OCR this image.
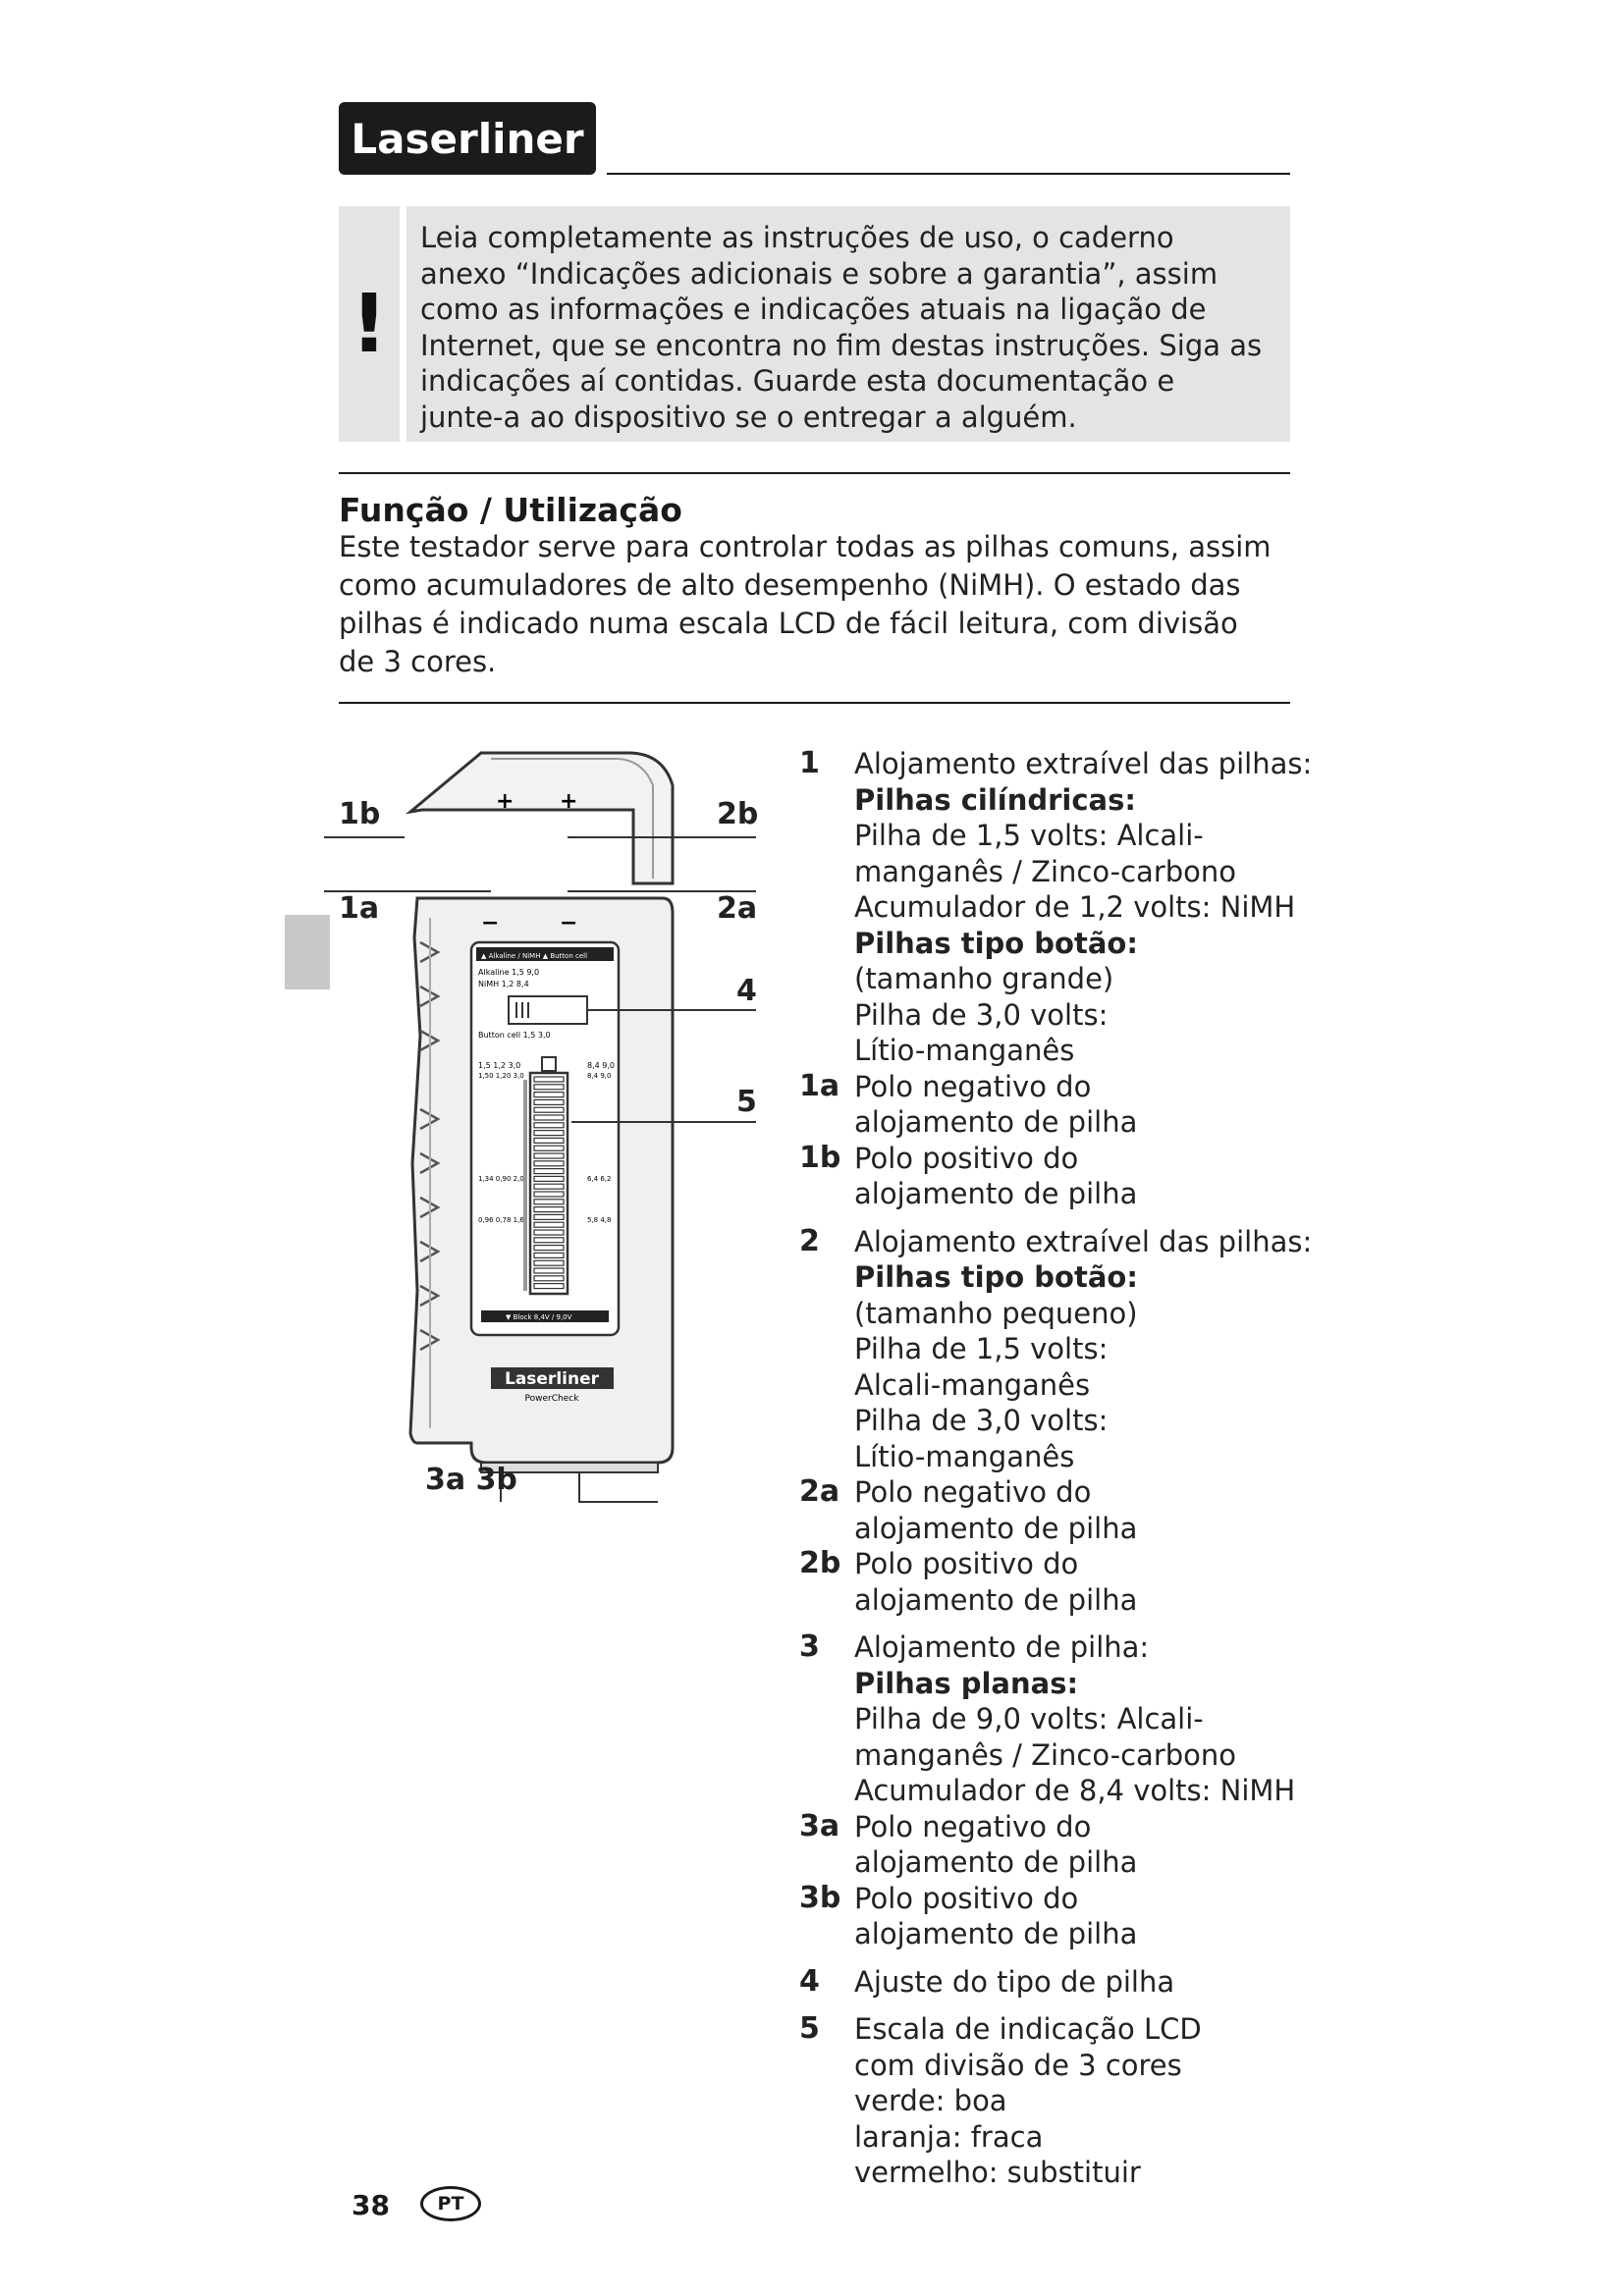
Laserliner
!

Leia completamente as instruções de uso, o caderno anexo “Indicações adicionais e sobre a garantia”, assim como as informações e indicações atuais na ligação de Internet, que se encontra no fim destas instruções. Siga as indicações aí contidas. Guarde esta documentação e junte-a ao dispositivo se o entregar a alguém.

Função / Utilização

Este testador serve para controlar todas as pilhas comuns, assim como acumuladores de alto desempenho (NiMH). O estado das pilhas é indicado numa escala LCD de fácil leitura, com divisão de 3 cores.

+ +
−	−
▲ Alkaline / NiMH ▲ Button cell
Alkaline 1,5 9,0
NiMH 1,2 8,4
Button cell 1,5 3,0
1,5 1,2 3,0
1,50 1,20 3,0
1,34 0,90 2,0
0,96 0,78 1,6
8,4 9,0
8,4 9,0
6,4 6,2
5,8 4,8
▼ Block 8,4V / 9,0V
Laserliner
PowerCheck
1b
1a
2b
2a
4
5
3a 3b
1	Alojamento extraível das pilhas:
Pilhas cilíndricas:
Pilha de 1,5 volts: Alcali-
manganês / Zinco-carbono
Acumulador de 1,2 volts: NiMH
Pilhas tipo botão:
(tamanho grande)
Pilha de 3,0 volts:
Lítio-manganês
1a Polo negativo do
alojamento de pilha
1b Polo positivo do
alojamento de pilha
2	Alojamento extraível das pilhas:
Pilhas tipo botão:
(tamanho pequeno)
Pilha de 1,5 volts:
Alcali-manganês
Pilha de 3,0 volts:
Lítio-manganês
2a Polo negativo do
alojamento de pilha
2b Polo positivo do
alojamento de pilha
3	Alojamento de pilha:
Pilhas planas:
Pilha de 9,0 volts: Alcali-
manganês / Zinco-carbono
Acumulador de 8,4 volts: NiMH
3a Polo negativo do
alojamento de pilha
3b Polo positivo do
alojamento de pilha
4	Ajuste do tipo de pilha
5	Escala de indicação LCD
com divisão de 3 cores
verde: boa
laranja: fraca
vermelho: substituir
38	PT
